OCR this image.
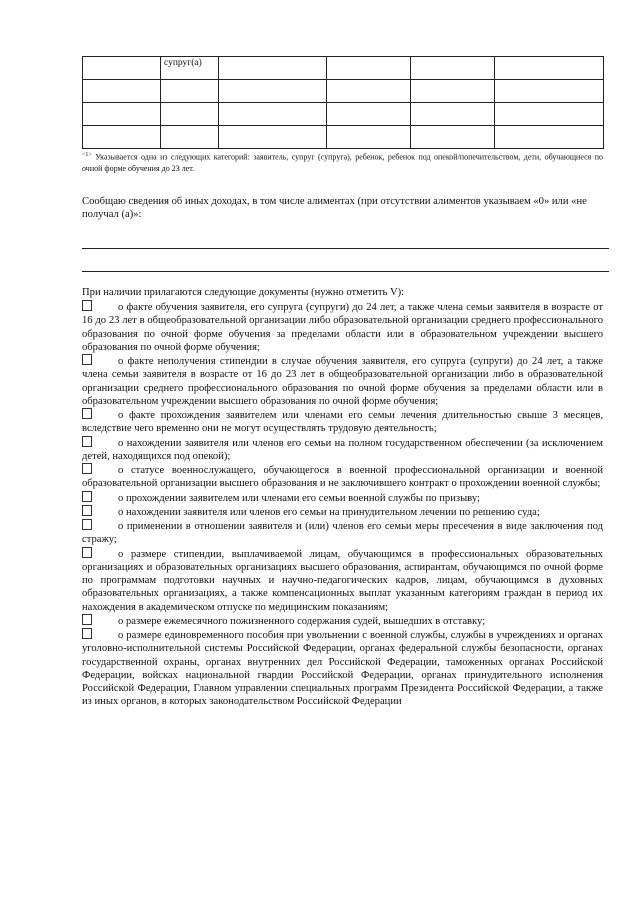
	супруг(а)				

$^{<1>}$ Указывается одна из следующих категорий: заявитель, супруг (супруга), ребенок, ребенок под опекой/попечительством, дети, обучающиеся по очной форме обучения до 23 лет.
Сообщаю сведения об иных доходах, в том числе алиментах (при отсутствии алиментов указываем «0» или «не получал (а)»:
При наличии прилагаются следующие документы (нужно отметить V):

о факте обучения заявителя, его супруга (супруги) до 24 лет, а также члена семьи заявителя в возрасте от 16 до 23 лет в общеобразовательной организации либо образовательной организации среднего профессионального образования по очной форме обучения за пределами области или в образовательном учреждении высшего образования по очной форме обучения;

о факте неполучения стипендии в случае обучения заявителя, его супруга (супруги) до 24 лет, а также члена семьи заявителя в возрасте от 16 до 23 лет в общеобразовательной организации либо в образовательной организации среднего профессионального образования по очной форме обучения за пределами области или в образовательном учреждении высшего образования по очной форме обучения;

о факте прохождения заявителем или членами его семьи лечения длительностью свыше 3 месяцев, вследствие чего временно они не могут осуществлять трудовую деятельность;

о нахождении заявителя или членов его семьи на полном государственном обеспечении (за исключением детей, находящихся под опекой);

о статусе военнослужащего, обучающегося в военной профессиональной организации и военной образовательной организации высшего образования и не заключившего контракт о прохождении военной службы;

о прохождении заявителем или членами его семьи военной службы по призыву;

о нахождении заявителя или членов его семьи на принудительном лечении по решению суда;

о применении в отношении заявителя и (или) членов его семьи меры пресечения в виде заключения под стражу;

о размере стипендии, выплачиваемой лицам, обучающимся в профессиональных образовательных организациях и образовательных организациях высшего образования, аспирантам, обучающимся по очной форме по программам подготовки научных и научно-педагогических кадров, лицам, обучающимся в духовных образовательных организациях, а также компенсационных выплат указанным категориям граждан в период их нахождения в академическом отпуске по медицинским показаниям;

о размере ежемесячного пожизненного содержания судей, вышедших в отставку;

о размере единовременного пособия при увольнении с военной службы, службы в учреждениях и органах уголовно-исполнительной системы Российской Федерации, органах федеральной службы безопасности, органах государственной охраны, органах внутренних дел Российской Федерации, таможенных органах Российской Федерации, войсках национальной гвардии Российской Федерации, органах принудительного исполнения Российской Федерации, Главном управлении специальных программ Президента Российской Федерации, а также из иных органов, в которых законодательством Российской Федерации
